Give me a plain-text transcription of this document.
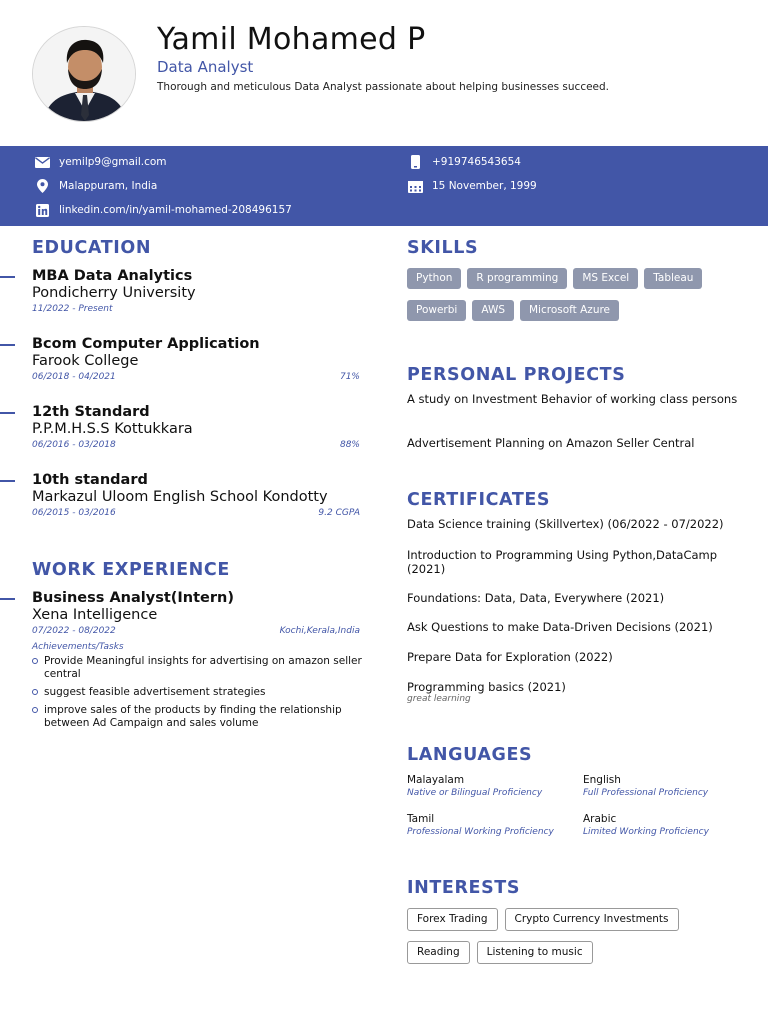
Yamil Mohamed P
Data Analyst
Thorough and meticulous Data Analyst passionate about helping businesses succeed.
yemilp9@gmail.com	+919746543654
Malappuram, India	15 November, 1999
linkedin.com/in/yamil-mohamed-208496157
EDUCATION
MBA Data Analytics
Pondicherry University
11/2022 - Present
Bcom Computer Application
Farook College
06/2018 - 04/2021	71%
12th Standard
P.P.M.H.S.S Kottukkara
06/2016 - 03/2018	88%
10th standard
Markazul Uloom English School Kondotty
06/2015 - 03/2016	9.2 CGPA
WORK EXPERIENCE
Business Analyst(Intern)
Xena Intelligence
07/2022 - 08/2022	Kochi,Kerala,India
Achievements/Tasks
Provide Meaningful insights for advertising on amazon seller central
suggest feasible advertisement strategies
improve sales of the products by finding the relationship between Ad Campaign and sales volume
SKILLS
Python	R programming	MS Excel	Tableau
Powerbi	AWS	Microsoft Azure
PERSONAL PROJECTS
A study on Investment Behavior of working class persons
Advertisement Planning on Amazon Seller Central
CERTIFICATES
Data Science training (Skillvertex) (06/2022 - 07/2022)
Introduction to Programming Using Python,DataCamp (2021)
Foundations: Data, Data, Everywhere (2021)
Ask Questions to make Data-Driven Decisions (2021)
Prepare Data for Exploration (2022)
Programming basics (2021)
great learning
LANGUAGES
Malayalam
Native or Bilingual Proficiency
English
Full Professional Proficiency
Tamil
Professional Working Proficiency
Arabic
Limited Working Proficiency
INTERESTS
Forex Trading	Crypto Currency Investments
Reading	Listening to music
